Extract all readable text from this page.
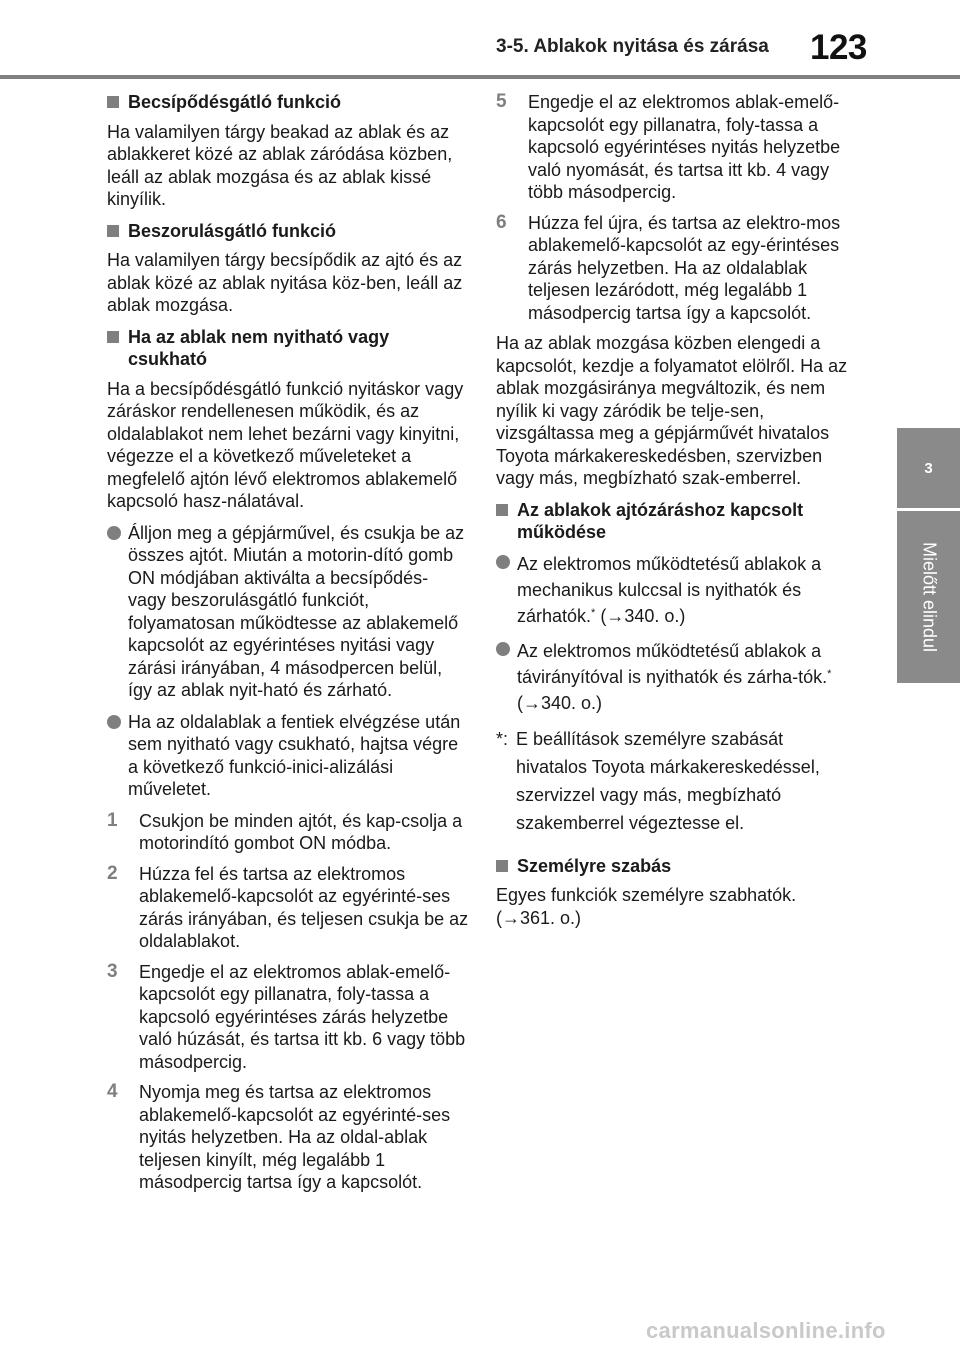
3-5. Ablakok nyitása és zárása 123
3
Mielőtt elindul
Becsípődésgátló funkció

Ha valamilyen tárgy beakad az ablak és az ablakkeret közé az ablak záródása közben, leáll az ablak mozgása és az ablak kissé kinyílik.

Beszorulásgátló funkció

Ha valamilyen tárgy becsípődik az ajtó és az ablak közé az ablak nyitása köz-ben, leáll az ablak mozgása.

Ha az ablak nem nyitható vagy csukható

Ha a becsípődésgátló funkció nyitáskor vagy záráskor rendellenesen működik, és az oldalablakot nem lehet bezárni vagy kinyitni, végezze el a következő műveleteket a megfelelő ajtón lévő elektromos ablakemelő kapcsoló hasz-nálatával.

Álljon meg a gépjárművel, és csukja be az összes ajtót. Miután a motorin-dító gomb ON módjában aktiválta a becsípődés- vagy beszorulásgátló funkciót, folyamatosan működtesse az ablakemelő kapcsolót az egyérintéses nyitási vagy zárási irányában, 4 másodpercen belül, így az ablak nyit-ható és zárható.
Ha az oldalablak a fentiek elvégzése után sem nyitható vagy csukható, hajtsa végre a következő funkció-inici-alizálási műveletet.
1 Csukjon be minden ajtót, és kap-csolja a motorindító gombot ON módba.
2 Húzza fel és tartsa az elektromos ablakemelő-kapcsolót az egyérinté-ses zárás irányában, és teljesen csukja be az oldalablakot.
3 Engedje el az elektromos ablak-emelő-kapcsolót egy pillanatra, foly-tassa a kapcsoló egyérintéses zárás helyzetbe való húzását, és tartsa itt kb. 6 vagy több másodpercig.
4 Nyomja meg és tartsa az elektromos ablakemelő-kapcsolót az egyérinté-ses nyitás helyzetben. Ha az oldal-ablak teljesen kinyílt, még legalább 1 másodpercig tartsa így a kapcsolót.
5 Engedje el az elektromos ablak-emelő-kapcsolót egy pillanatra, foly-tassa a kapcsoló egyérintéses nyitás helyzetbe való nyomását, és tartsa itt kb. 4 vagy több másodpercig.
6 Húzza fel újra, és tartsa az elektro-mos ablakemelő-kapcsolót az egy-érintéses zárás helyzetben. Ha az oldalablak teljesen lezáródott, még legalább 1 másodpercig tartsa így a kapcsolót.

Ha az ablak mozgása közben elengedi a kapcsolót, kezdje a folyamatot elölről. Ha az ablak mozgásiránya megváltozik, és nem nyílik ki vagy záródik be telje-sen, vizsgáltassa meg a gépjárművét hivatalos Toyota márkakereskedésben, szervizben vagy más, megbízható szak-emberrel.

Az ablakok ajtózáráshoz kapcsolt működése
Az elektromos működtetésű ablakok a mechanikus kulccsal is nyithatók és zárhatók.* (→340. o.)
Az elektromos működtetésű ablakok a távirányítóval is nyithatók és zárha-tók.* (→340. o.)
*: E beállítások személyre szabását hivatalos Toyota márkakereskedéssel, szervizzel vagy más, megbízható szakemberrel végeztesse el.
Személyre szabás

Egyes funkciók személyre szabhatók. (→361. o.)

carmanualsonline.info
